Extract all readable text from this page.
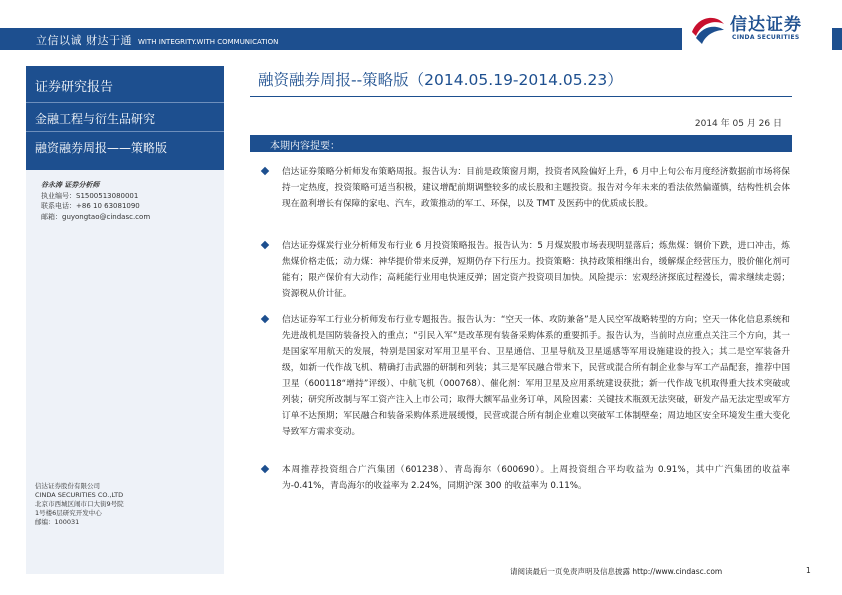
立信以诚 财达于通 WITH INTEGRITY.WITH COMMUNICATION
信达证券
CINDA SECURITIES
证券研究报告
金融工程与衍生品研究
融资融券周报——策略版
谷永涛 证券分析师
执业编号：S1500513080001
联系电话：+86 10 63081090
邮箱：guyongtao@cindasc.com
信达证券股份有限公司
CINDA SECURITIES CO.,LTD
北京市西城区闹市口大街9号院
1号楼6层研究开发中心
邮编：100031
融资融券周报--策略版（2014.05.19-2014.05.23）
2014 年 05 月 26 日
本期内容提要：
信达证券策略分析师发布策略周报。报告认为：目前是政策窗月期，投资者风险偏好上升，6 月中上旬公布月度经济数据前市场将保持一定热度，投资策略可适当积极，建议增配前期调整较多的成长股和主题投资。报告对今年未来的看法依然偏谨慎，结构性机会体现在盈利增长有保障的家电、汽车，政策推动的军工、环保，以及 TMT 及医药中的优质成长股。
信达证券煤炭行业分析师发布行业 6 月投资策略报告。报告认为：5 月煤炭股市场表现明显落后；炼焦煤：钢价下跌，进口冲击，炼焦煤价格走低；动力煤：神华提价带来反弹，短期仍存下行压力。投资策略：执持政策相继出台，缓解煤企经营压力，股价催化剂可能有；限产保价有大动作；高耗能行业用电快速反弹；固定资产投资项目加快。风险提示：宏观经济探底过程漫长，需求继续走弱；资源税从价计征。
信达证券军工行业分析师发布行业专题报告。报告认为：“空天一体、攻防兼备”是人民空军战略转型的方向；空天一体化信息系统和先进战机是国防装备投入的重点；“引民入军”是改革现有装备采购体系的重要抓手。报告认为，当前时点应重点关注三个方向，其一是国家军用航天的发展，特别是国家对军用卫星平台、卫星通信、卫星导航及卫星遥感等军用设施建设的投入；其二是空军装备升级，如新一代作战飞机、精确打击武器的研制和列装；其三是军民融合带来下，民营或混合所有制企业参与军工产品配套，推荐中国卫星（600118“增持”评级）、中航飞机（000768）、催化剂：军用卫星及应用系统建设获批；新一代作战飞机取得重大技术突破或列装；研究所改制与军工资产注入上市公司；取得大额军品业务订单，风险因素：关键技术瓶颈无法突破，研发产品无法定型或军方订单不达预期；军民融合和装备采购体系进展缓慢，民营或混合所有制企业难以突破军工体制壁垒；周边地区安全环境发生重大变化导致军方需求变动。
本周推荐投资组合广汽集团（601238）、青岛海尔（600690）。上周投资组合平均收益为 0.91%，其中广汽集团的收益率为-0.41%，青岛海尔的收益率为 2.24%，同期沪深 300 的收益率为 0.11%。
请阅读最后一页免责声明及信息披露 http://www.cindasc.com	1
